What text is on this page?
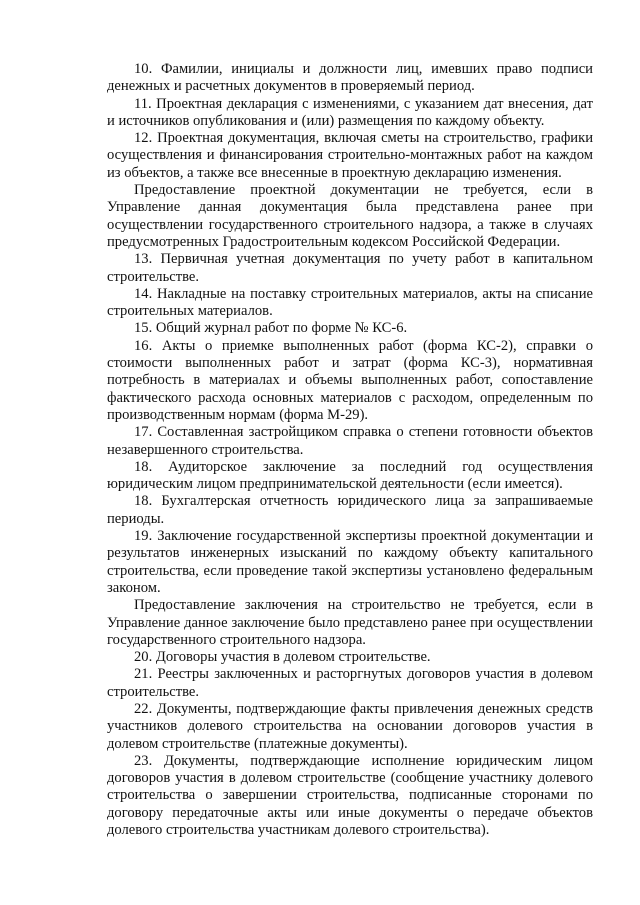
10. Фамилии, инициалы и должности лиц, имевших право подписи денежных и расчетных документов в проверяемый период.

11. Проектная декларация с изменениями, с указанием дат внесения, дат и источников опубликования и (или) размещения по каждому объекту.

12. Проектная документация, включая сметы на строительство, графики осуществления и финансирования строительно-монтажных работ на каждом из объектов, а также все внесенные в проектную декларацию изменения.

Предоставление проектной документации не требуется, если в Управление данная документация была представлена ранее при осуществлении государственного строительного надзора, а также в случаях предусмотренных Градостроительным кодексом Российской Федерации.

13. Первичная учетная документация по учету работ в капитальном строительстве.

14. Накладные на поставку строительных материалов, акты на списание строительных материалов.

15. Общий журнал работ по форме № КС-6.

16. Акты о приемке выполненных работ (форма КС-2), справки о стоимости выполненных работ и затрат (форма КС-3), нормативная потребность в материалах и объемы выполненных работ, сопоставление фактического расхода основных материалов с расходом, определенным по производственным нормам (форма М-29).

17. Составленная застройщиком справка о степени готовности объектов незавершенного строительства.

18. Аудиторское заключение за последний год осуществления юридическим лицом предпринимательской деятельности (если имеется).

18. Бухгалтерская отчетность юридического лица за запрашиваемые периоды.

19. Заключение государственной экспертизы проектной документации и результатов инженерных изысканий по каждому объекту капитального строительства, если проведение такой экспертизы установлено федеральным законом.

Предоставление заключения на строительство не требуется, если в Управление данное заключение было представлено ранее при осуществлении государственного строительного надзора.

20. Договоры участия в долевом строительстве.

21. Реестры заключенных и расторгнутых договоров участия в долевом строительстве.

22. Документы, подтверждающие факты привлечения денежных средств участников долевого строительства на основании договоров участия в долевом строительстве (платежные документы).

23. Документы, подтверждающие исполнение юридическим лицом договоров участия в долевом строительстве (сообщение участнику долевого строительства о завершении строительства, подписанные сторонами по договору передаточные акты или иные документы о передаче объектов долевого строительства участникам долевого строительства).
